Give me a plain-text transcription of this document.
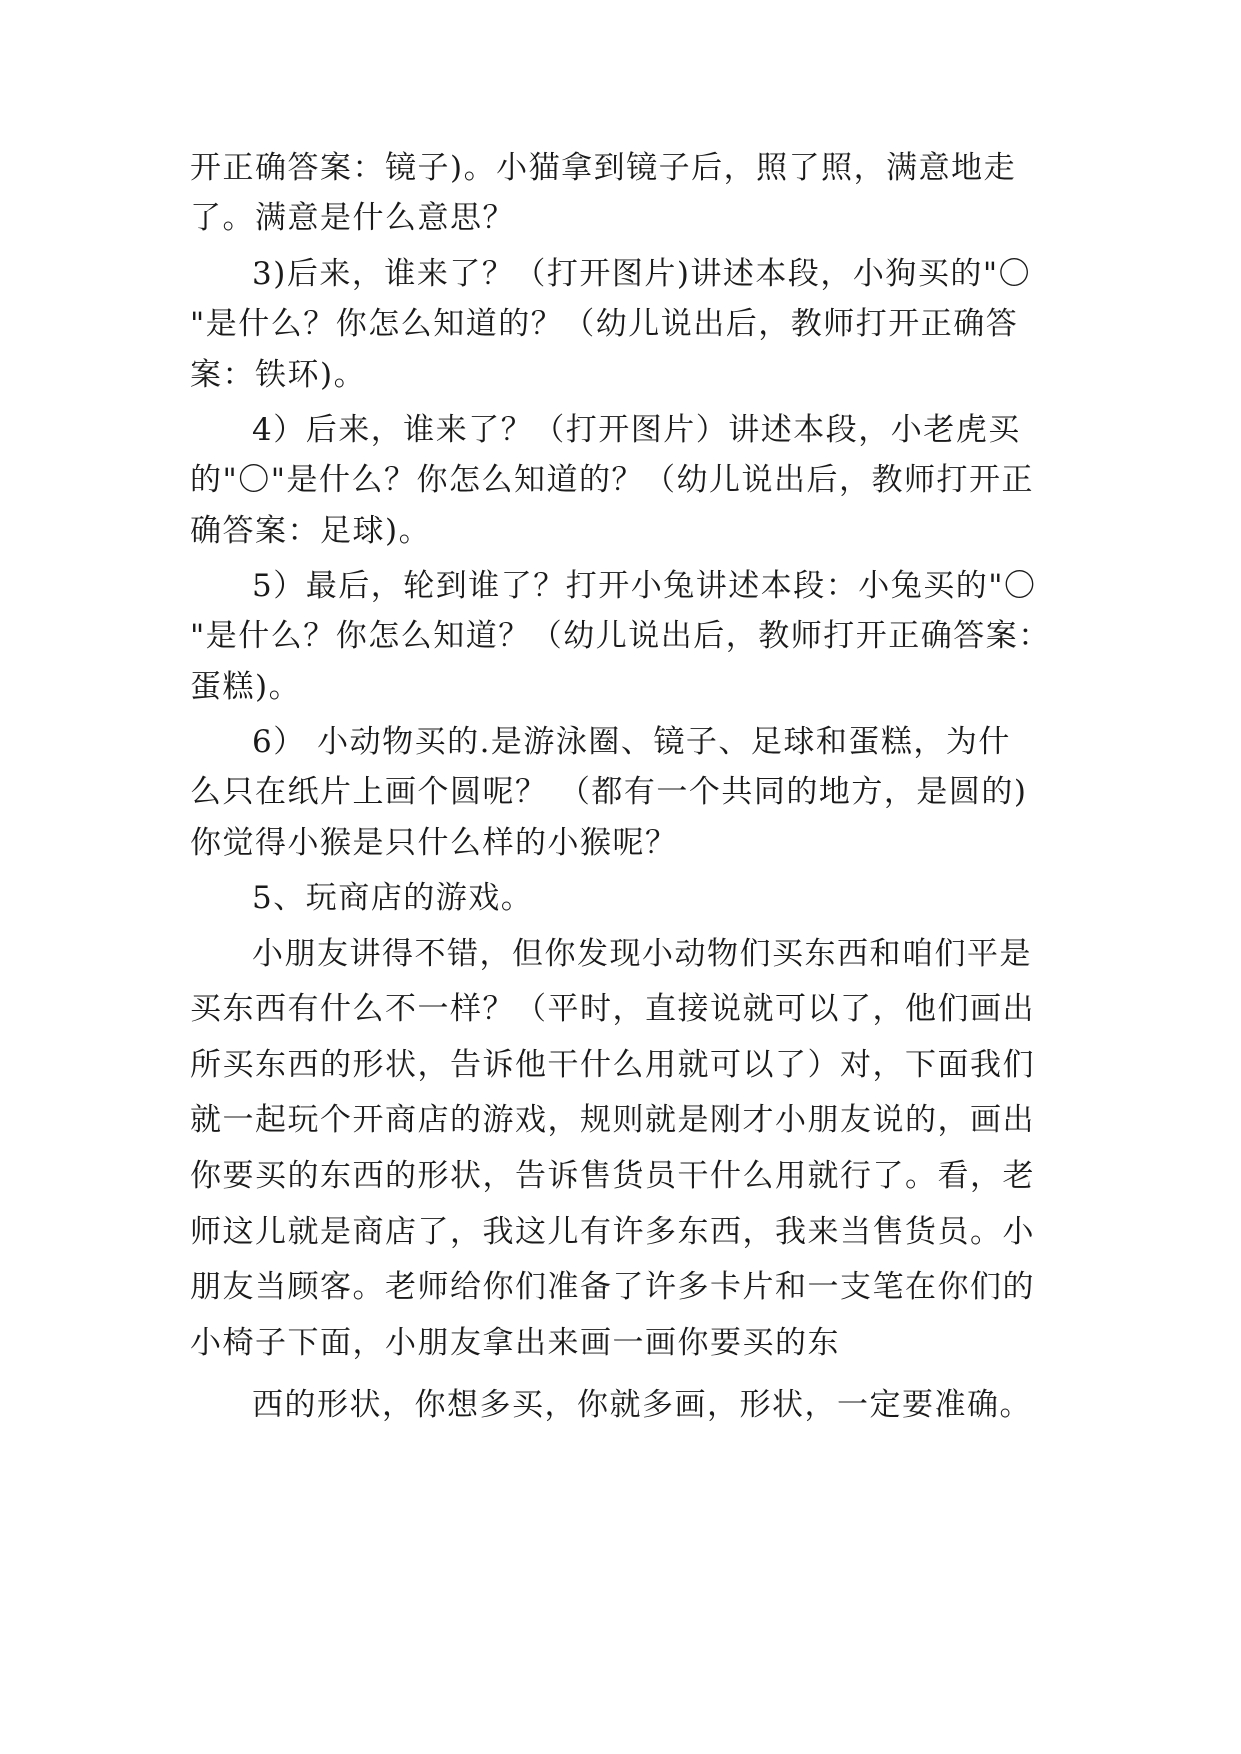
开正确答案：镜子)。小猫拿到镜子后，照了照，满意地走
了。满意是什么意思？
3)后来，谁来了？（打开图片)讲述本段，小狗买的"〇
"是什么？你怎么知道的？（幼儿说出后，教师打开正确答
案：铁环)。
4）后来，谁来了？（打开图片）讲述本段，小老虎买
的"〇"是什么？你怎么知道的？（幼儿说出后，教师打开正
确答案：足球)。
5）最后，轮到谁了？打开小兔讲述本段：小兔买的"〇
"是什么？你怎么知道？（幼儿说出后，教师打开正确答案：
蛋糕)。
6） 小动物买的.是游泳圈、镜子、足球和蛋糕，为什
么只在纸片上画个圆呢？ （都有一个共同的地方，是圆的)
你觉得小猴是只什么样的小猴呢？
5、玩商店的游戏。
小朋友讲得不错，但你发现小动物们买东西和咱们平是
买东西有什么不一样？（平时，直接说就可以了，他们画出
所买东西的形状，告诉他干什么用就可以了）对，下面我们
就一起玩个开商店的游戏，规则就是刚才小朋友说的，画出
你要买的东西的形状，告诉售货员干什么用就行了。看，老
师这儿就是商店了，我这儿有许多东西，我来当售货员。小
朋友当顾客。老师给你们准备了许多卡片和一支笔在你们的
小椅子下面，小朋友拿出来画一画你要买的东
西的形状，你想多买，你就多画，形状，一定要准确。
